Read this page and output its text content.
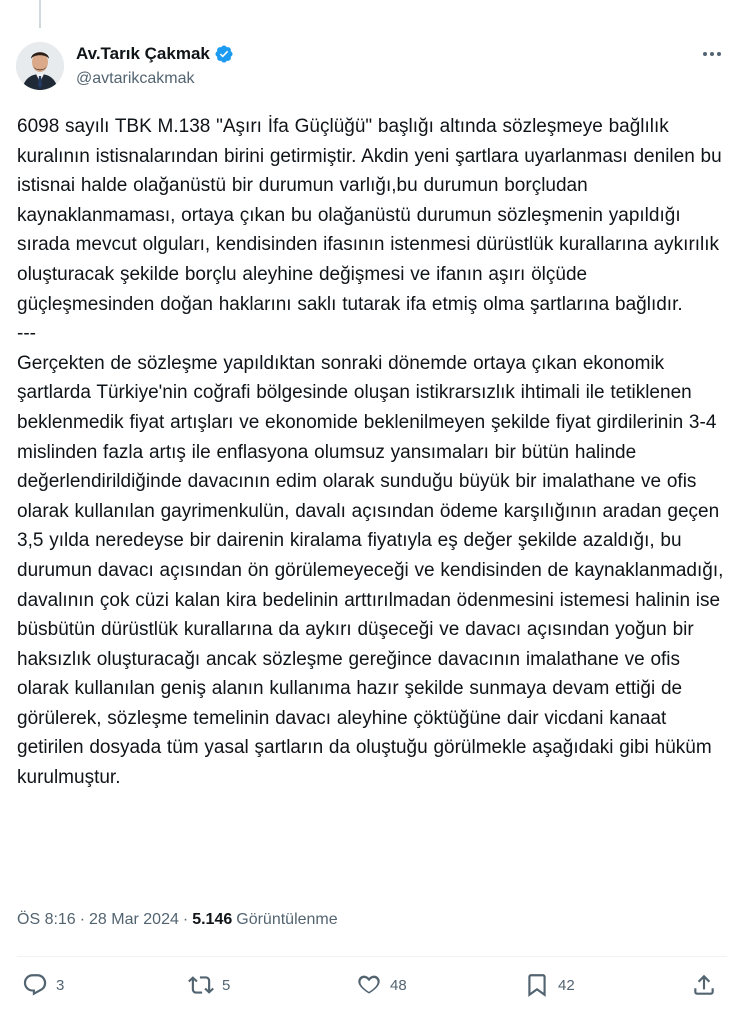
Av.Tarık Çakmak
@avtarikcakmak
6098 sayılı TBK M.138 "Aşırı İfa Güçlüğü" başlığı altında sözleşmeye bağlılık kuralının istisnalarından birini getirmiştir. Akdin yeni şartlara uyarlanması denilen bu istisnai halde olağanüstü bir durumun varlığı,bu durumun borçludan kaynaklanmaması, ortaya çıkan bu olağanüstü durumun sözleşmenin yapıldığı sırada mevcut olguları, kendisinden ifasının istenmesi dürüstlük kurallarına aykırılık oluşturacak şekilde borçlu aleyhine değişmesi ve ifanın aşırı ölçüde güçleşmesinden doğan haklarını saklı tutarak ifa etmiş olma şartlarına bağlıdır.
---
Gerçekten de sözleşme yapıldıktan sonraki dönemde ortaya çıkan ekonomik şartlarda Türkiye'nin coğrafi bölgesinde oluşan istikrarsızlık ihtimali ile tetiklenen beklenmedik fiyat artışları ve ekonomide beklenilmeyen şekilde fiyat girdilerinin 3-4 mislinden fazla artış ile enflasyona olumsuz yansımaları bir bütün halinde değerlendirildiğinde davacının edim olarak sunduğu büyük bir imalathane ve ofis olarak kullanılan gayrimenkulün, davalı açısından ödeme karşılığının aradan geçen 3,5 yılda neredeyse bir dairenin kiralama fiyatıyla eş değer şekilde azaldığı, bu durumun davacı açısından ön görülemeyeceği ve kendisinden de kaynaklanmadığı, davalının çok cüzi kalan kira bedelinin arttırılmadan ödenmesini istemesi halinin ise büsbütün dürüstlük kurallarına da aykırı düşeceği ve davacı açısından yoğun bir haksızlık oluşturacağı ancak sözleşme gereğince davacının imalathane ve ofis olarak kullanılan geniş alanın kullanıma hazır şekilde sunmaya devam ettiği de görülerek, sözleşme temelinin davacı aleyhine çöktüğüne dair vicdani kanaat getirilen dosyada tüm yasal şartların da oluştuğu görülmekle aşağıdaki gibi hüküm kurulmuştur.
ÖS 8:16 · 28 Mar 2024 · 5.146 Görüntülenme
3	5	48	42
